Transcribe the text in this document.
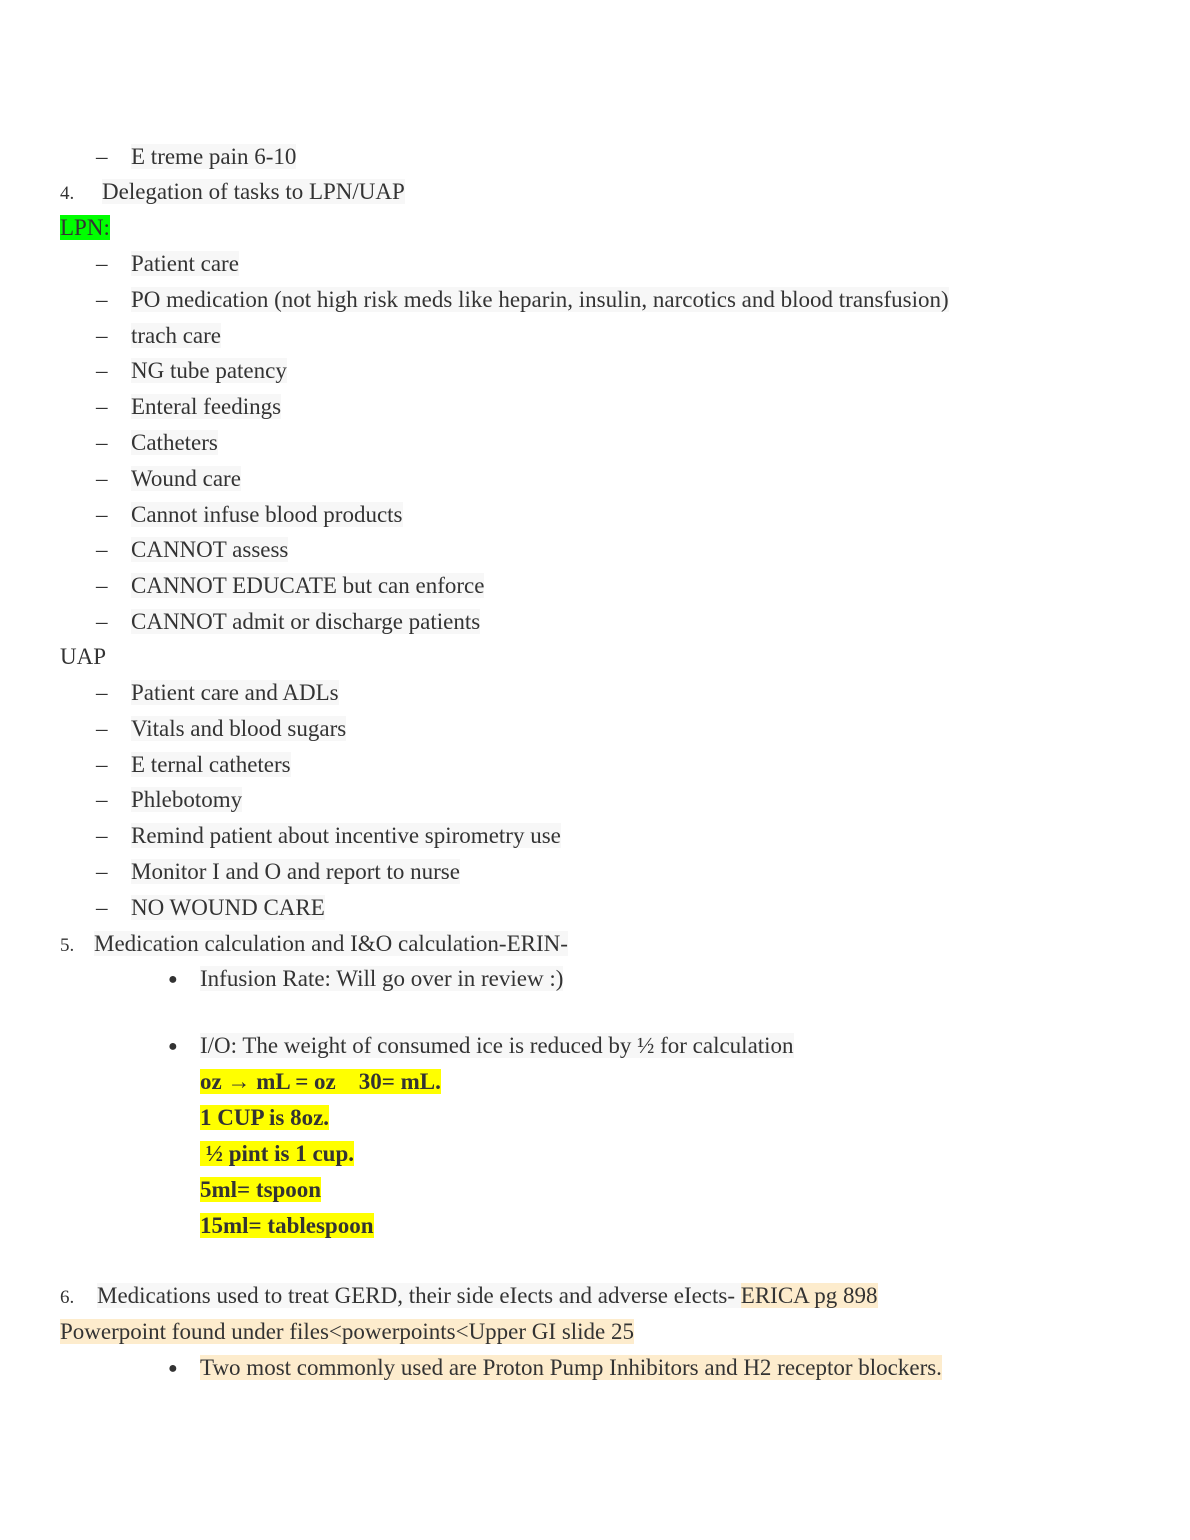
– E treme pain 6-10
4. Delegation of tasks to LPN/UAP
LPN:
– Patient care
– PO medication (not high risk meds like heparin, insulin, narcotics and blood transfusion)
– trach care
– NG tube patency
– Enteral feedings
– Catheters
– Wound care
– Cannot infuse blood products
– CANNOT assess
– CANNOT EDUCATE but can enforce
– CANNOT admit or discharge patients
UAP
– Patient care and ADLs
– Vitals and blood sugars
– E ternal catheters
– Phlebotomy
– Remind patient about incentive spirometry use
– Monitor I and O and report to nurse
– NO WOUND CARE
5. Medication calculation and I&O calculation-ERIN-
● Infusion Rate: Will go over in review :)
● I/O: The weight of consumed ice is reduced by ½ for calculation
oz → mL = oz    30= mL.
1 CUP is 8oz.
½ pint is 1 cup.
5ml= tspoon
15ml= tablespoon
6. Medications used to treat GERD, their side eIects and adverse eIects- ERICA pg 898
Powerpoint found under files<powerpoints<Upper GI slide 25
● Two most commonly used are Proton Pump Inhibitors and H2 receptor blockers.
